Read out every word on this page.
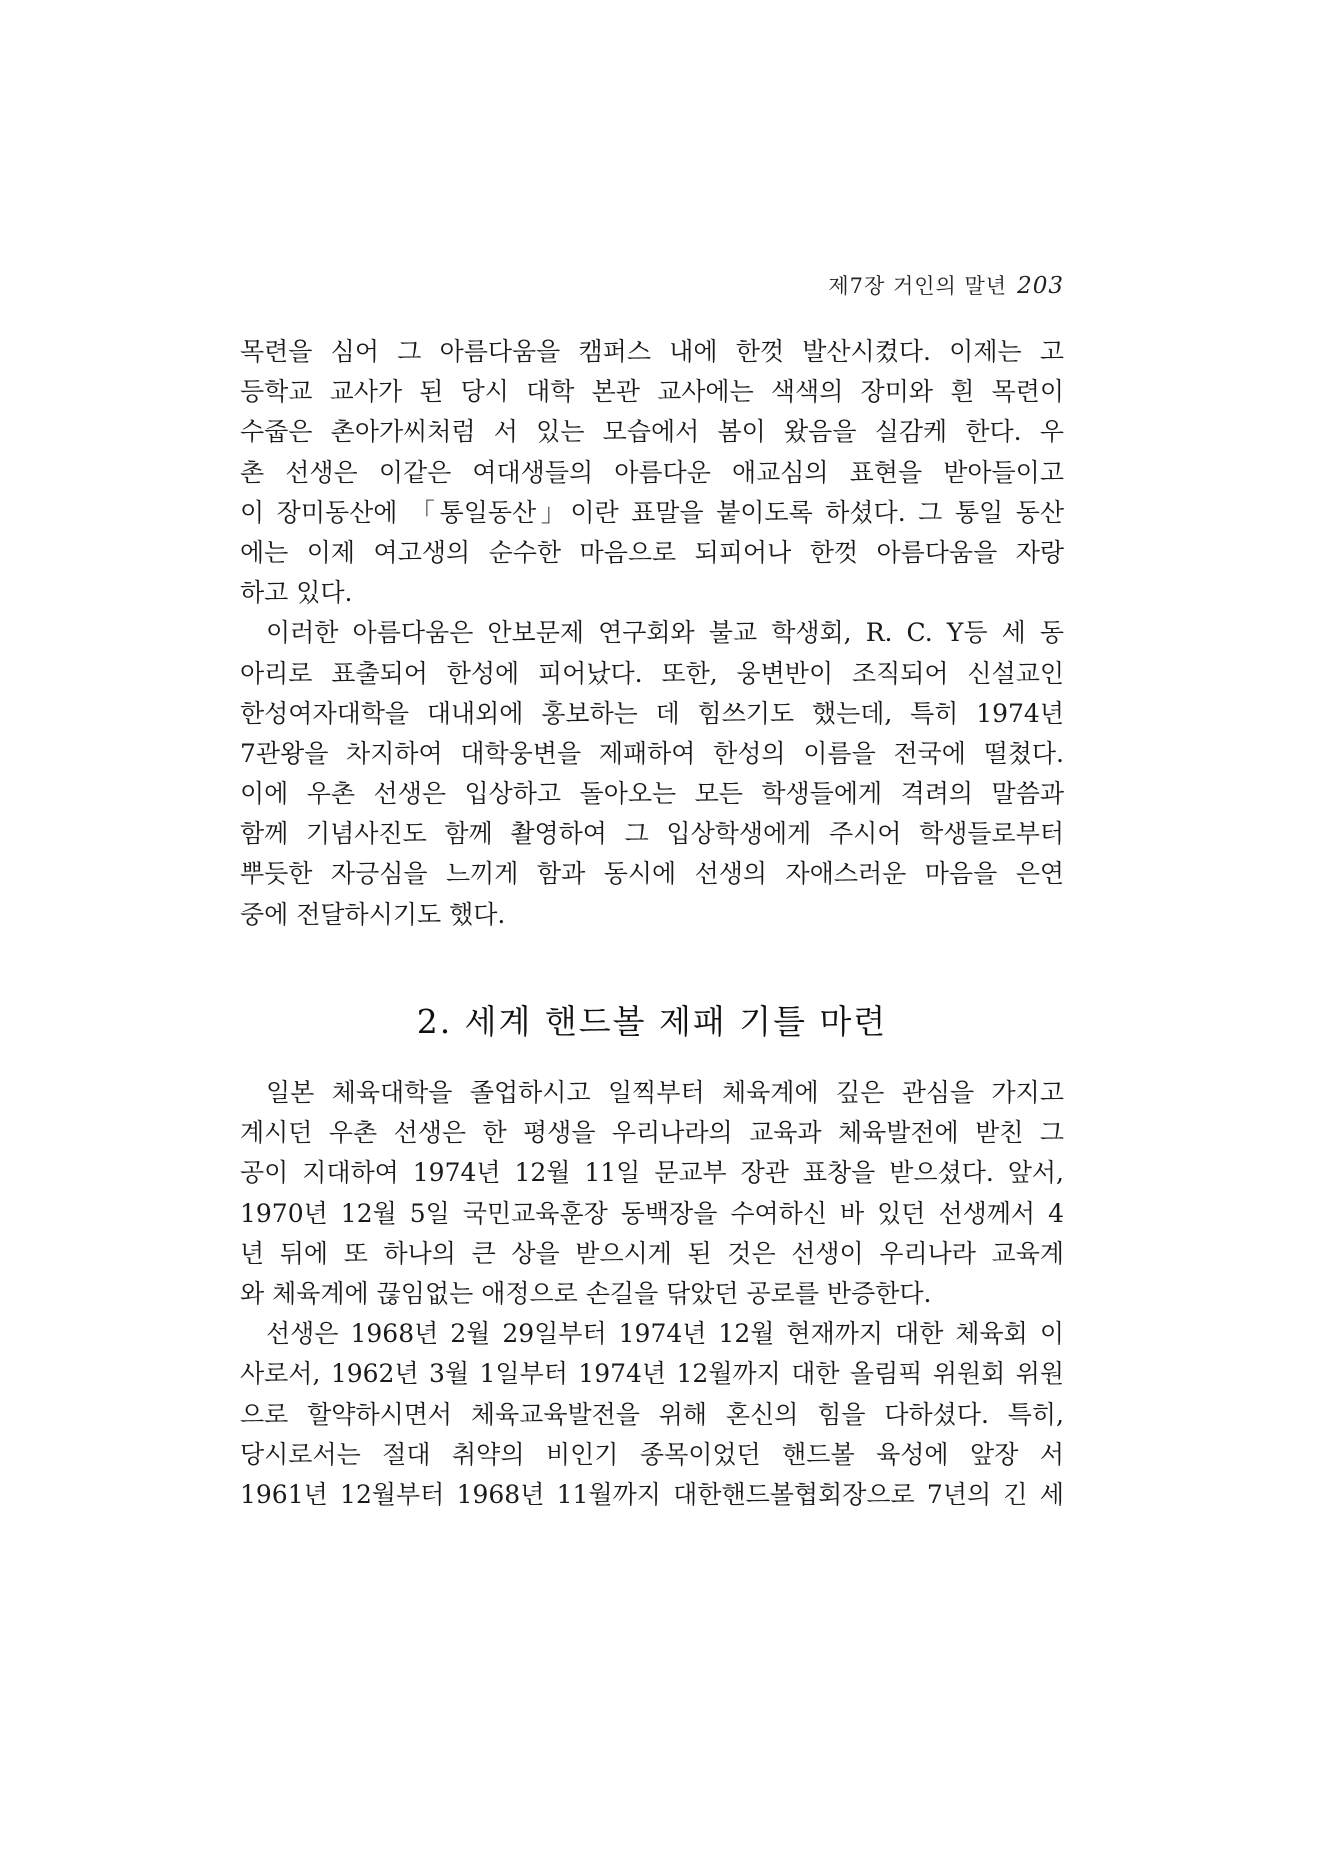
제7장 거인의 말년 203

목련을 심어 그 아름다움을 캠퍼스 내에 한껏 발산시켰다. 이제는 고
등학교 교사가 된 당시 대학 본관 교사에는 색색의 장미와 흰 목련이
수줍은 촌아가씨처럼 서 있는 모습에서 봄이 왔음을 실감케 한다. 우
촌 선생은 이같은 여대생들의 아름다운 애교심의 표현을 받아들이고
이 장미동산에 「통일동산」이란 표말을 붙이도록 하셨다. 그 통일 동산
에는 이제 여고생의 순수한 마음으로 되피어나 한껏 아름다움을 자랑
하고 있다.

이러한 아름다움은 안보문제 연구회와 불교 학생회, R. C. Y등 세 동
아리로 표출되어 한성에 피어났다. 또한, 웅변반이 조직되어 신설교인
한성여자대학을 대내외에 홍보하는 데 힘쓰기도 했는데, 특히 1974년
7관왕을 차지하여 대학웅변을 제패하여 한성의 이름을 전국에 떨쳤다.
이에 우촌 선생은 입상하고 돌아오는 모든 학생들에게 격려의 말씀과
함께 기념사진도 함께 촬영하여 그 입상학생에게 주시어 학생들로부터
뿌듯한 자긍심을 느끼게 함과 동시에 선생의 자애스러운 마음을 은연
중에 전달하시기도 했다.

2. 세계 핸드볼 제패 기틀 마련

일본 체육대학을 졸업하시고 일찍부터 체육계에 깊은 관심을 가지고
계시던 우촌 선생은 한 평생을 우리나라의 교육과 체육발전에 받친 그
공이 지대하여 1974년 12월 11일 문교부 장관 표창을 받으셨다. 앞서,
1970년 12월 5일 국민교육훈장 동백장을 수여하신 바 있던 선생께서 4
년 뒤에 또 하나의 큰 상을 받으시게 된 것은 선생이 우리나라 교육계
와 체육계에 끊임없는 애정으로 손길을 닦았던 공로를 반증한다.

선생은 1968년 2월 29일부터 1974년 12월 현재까지 대한 체육회 이
사로서, 1962년 3월 1일부터 1974년 12월까지 대한 올림픽 위원회 위원
으로 할약하시면서 체육교육발전을 위해 혼신의 힘을 다하셨다. 특히,
당시로서는 절대 취약의 비인기 종목이었던 핸드볼 육성에 앞장 서
1961년 12월부터 1968년 11월까지 대한핸드볼협회장으로 7년의 긴 세
